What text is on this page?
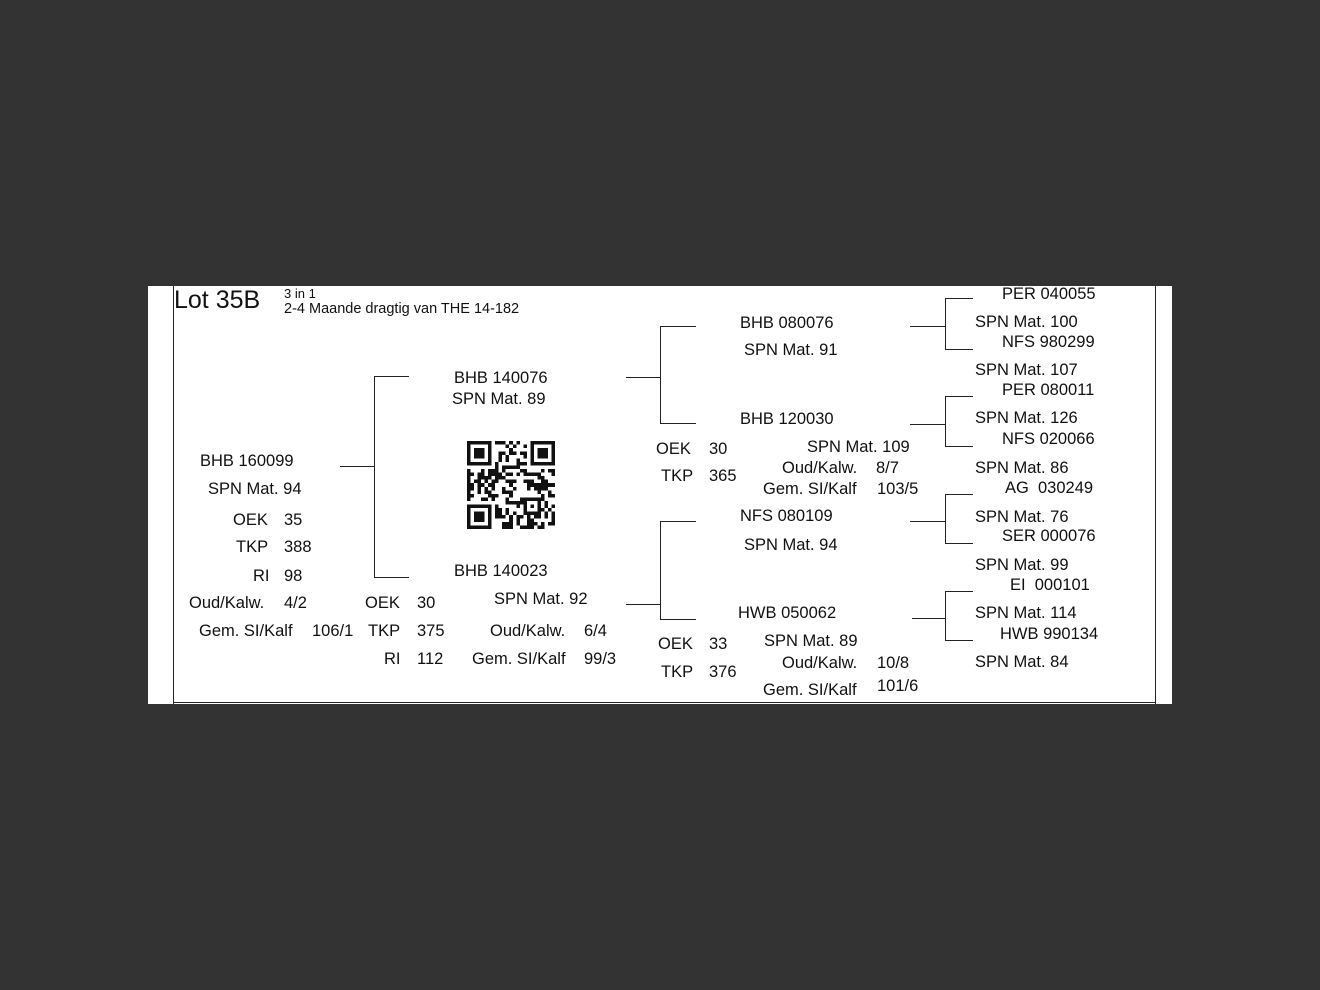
Lot 35B 3 in 1
2-4 Maande dragtig van THE 14-182
BHB 160099
SPN Mat. 94
OEK 35
TKP 388
RI 98
Oud/Kalw. 4/2
Gem. SI/Kalf 106/1
BHB 140076
SPN Mat. 89
BHB 140023
SPN Mat. 92
OEK 30
TKP 375
RI 112
Oud/Kalw. 6/4
Gem. SI/Kalf 99/3
BHB 080076
SPN Mat. 91
BHB 120030
SPN Mat. 109
OEK 30
TKP 365	Oud/Kalw. 8/7
Gem. SI/Kalf 103/5
NFS 080109
SPN Mat. 94
HWB 050062
SPN Mat. 89
OEK 33
TKP 376	Oud/Kalw. 10/8
Gem. SI/Kalf 101/6
PER 040055
SPN Mat. 100
NFS 980299
SPN Mat. 107
PER 080011
SPN Mat. 126
NFS 020066
SPN Mat. 86
AG  030249
SPN Mat. 76
SER 000076
SPN Mat. 99
EI  000101
SPN Mat. 114
HWB 990134
SPN Mat. 84
